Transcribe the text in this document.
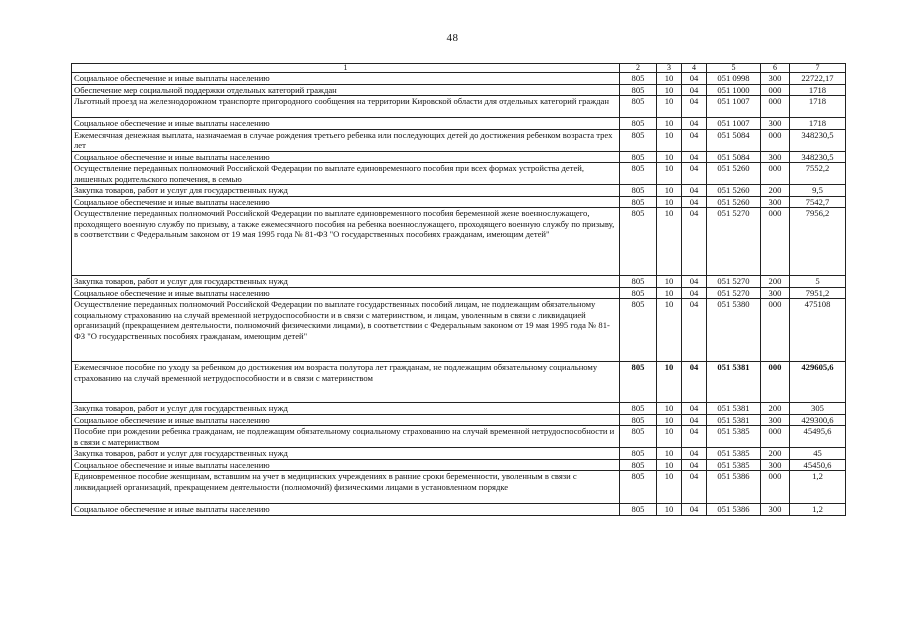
48
1	2	3	4	5	6	7
Социальное обеспечение и иные выплаты населению	805	10	04	051 0998	300	22722,17
Обеспечение мер социальной поддержки отдельных категорий граждан	805	10	04	051 1000	000	1718
Льготный проезд на железнодорожном транспорте пригородного сообщения на территории Кировской области для отдельных категорий граждан	805	10	04	051 1007	000	1718
Социальное обеспечение и иные выплаты населению	805	10	04	051 1007	300	1718
Ежемесячная денежная выплата, назначаемая в случае рождения третьего ребенка или последующих детей до достижения ребенком возраста трех лет	805	10	04	051 5084	000	348230,5
Социальное обеспечение и иные выплаты населению	805	10	04	051 5084	300	348230,5
Осуществление переданных полномочий Российской Федерации по выплате единовременного пособия при всех формах устройства детей, лишенных родительского попечения, в семью	805	10	04	051 5260	000	7552,2
Закупка товаров, работ и услуг для государственных нужд	805	10	04	051 5260	200	9,5
Социальное обеспечение и иные выплаты населению	805	10	04	051 5260	300	7542,7
Осуществление переданных полномочий Российской Федерации по выплате единовременного пособия беременной жене военнослужащего, проходящего военную службу по призыву, а также ежемесячного пособия на ребенка военнослужащего, проходящего военную службу по призыву, в соответствии с Федеральным законом от 19 мая 1995 года № 81-ФЗ "О государственных пособиях гражданам, имеющим детей"	805	10	04	051 5270	000	7956,2
Закупка товаров, работ и услуг для государственных нужд	805	10	04	051 5270	200	5
Социальное обеспечение и иные выплаты населению	805	10	04	051 5270	300	7951,2
Осуществление переданных полномочий Российской Федерации по выплате государственных пособий лицам, не подлежащим обязательному социальному страхованию на случай временной нетрудоспособности и в связи с материнством, и лицам, уволенным в связи с ликвидацией организаций (прекращением деятельности, полномочий физическими лицами), в соответствии с Федеральным законом от 19 мая 1995 года № 81-ФЗ "О государственных пособиях гражданам, имеющим детей"	805	10	04	051 5380	000	475108
Ежемесячное пособие по уходу за ребенком до достижения им возраста полутора лет гражданам, не подлежащим обязательному социальному страхованию на случай временной нетрудоспособности и в связи с материнством	805	10	04	051 5381	000	429605,6
Закупка товаров, работ и услуг для государственных нужд	805	10	04	051 5381	200	305
Социальное обеспечение и иные выплаты населению	805	10	04	051 5381	300	429300,6
Пособие при рождении ребенка гражданам, не подлежащим обязательному социальному страхованию на случай временной нетрудоспособности и в связи с материнством	805	10	04	051 5385	000	45495,6
Закупка товаров, работ и услуг для государственных нужд	805	10	04	051 5385	200	45
Социальное обеспечение и иные выплаты населению	805	10	04	051 5385	300	45450,6
Единовременное пособие женщинам, вставшим на учет в медицинских учреждениях в ранние сроки беременности, уволенным в связи с ликвидацией организаций, прекращением деятельности (полномочий) физическими лицами в установленном порядке	805	10	04	051 5386	000	1,2
Социальное обеспечение и иные выплаты населению	805	10	04	051 5386	300	1,2
